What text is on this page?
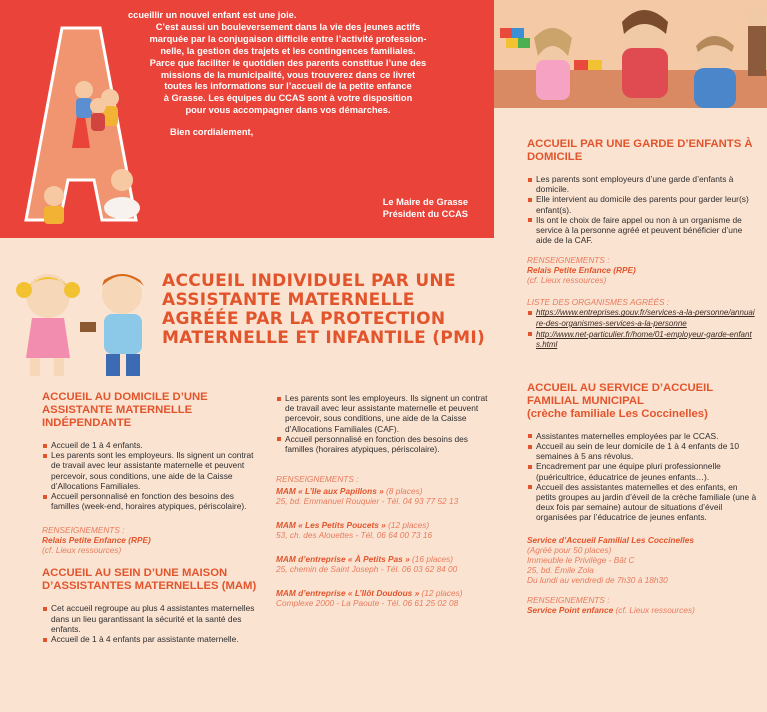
ccueillir un nouvel enfant est une joie.

C’est aussi un bouleversement dans la vie des jeunes actifs

marquée par la conjugaison difficile entre l’activité profession-

nelle, la gestion des trajets et les contingences familiales.

Parce que faciliter le quotidien des parents constitue l’une des

missions de la municipalité, vous trouverez dans ce livret

toutes les informations sur l’accueil de la petite enfance

à Grasse. Les équipes du CCAS sont à votre disposition

pour vous accompagner dans vos démarches.

Bien cordialement,

Le Maire de Grasse
Président du CCAS
ACCUEIL INDIVIDUEL PAR UNE ASSISTANTE MATERNELLE AGRÉÉE PAR LA PROTECTION MATERNELLE ET INFANTILE (PMI)
ACCUEIL AU DOMICILE D’UNE ASSISTANTE MATERNELLE INDÉPENDANTE
Accueil de 1 à 4 enfants.
Les parents sont les employeurs. Ils signent un contrat de travail avec leur assistante maternelle et peuvent percevoir, sous conditions, une aide de la Caisse d’Allocations Familiales.
Accueil personnalisé en fonction des besoins des familles (week-end, horaires atypiques, périscolaire).
RENSEIGNEMENTS :
Relais Petite Enfance (RPE)
(cf. Lieux ressources)
ACCUEIL AU SEIN D’UNE MAISON D’ASSISTANTES MATERNELLES (MAM)
Cet accueil regroupe au plus 4 assistantes maternelles dans un lieu garantissant la sécurité et la santé des enfants.
Accueil de 1 à 4 enfants par assistante maternelle.
Les parents sont les employeurs. Ils signent un contrat de travail avec leur assistante maternelle et peuvent percevoir, sous conditions, une aide de la Caisse d’Allocations Familiales (CAF).
Accueil personnalisé en fonction des besoins des familles (horaires atypiques, périscolaire).
RENSEIGNEMENTS :
MAM « L’Ile aux Papillons » (8 places)
25, bd. Emmanuel Rouquier - Tél. 04 93 77 52 13
MAM « Les Petits Poucets » (12 places)
53, ch. des Alouettes - Tél. 06 64 00 73 16
MAM d’entreprise « À Petits Pas » (16 places)
25, chemin de Saint Joseph - Tél. 06 03 62 84 00
MAM d’entreprise « L’Ilôt Doudous » (12 places)
Complexe 2000 - La Paoute - Tél. 06 61 25 02 08
ACCUEIL PAR UNE GARDE D’ENFANTS À DOMICILE
Les parents sont employeurs d’une garde d’enfants à domicile.
Elle intervient au domicile des parents pour garder leur(s) enfant(s).
Ils ont le choix de faire appel ou non à un organisme de service à la personne agréé et peuvent bénéficier d’une aide de la CAF.
RENSEIGNEMENTS :
Relais Petite Enfance (RPE)
(cf. Lieux ressources)
LISTE DES ORGANISMES AGRÉÉS :
https://www.entreprises.gouv.fr/services-a-la-personne/annuaire-des-organismes-services-a-la-personne
http://www.net-particulier.fr/home/01-employeur-garde-enfants.html
ACCUEIL AU SERVICE D’ACCUEIL FAMILIAL MUNICIPAL
(crèche familiale Les Coccinelles)
Assistantes maternelles employées par le CCAS.
Accueil au sein de leur domicile de 1 à 4 enfants de 10 semaines à 5 ans révolus.
Encadrement par une équipe pluri professionnelle (puéricultrice, éducatrice de jeunes enfants…).
Accueil des assistantes maternelles et des enfants, en petits groupes au jardin d’éveil de la crèche familiale (une à deux fois par semaine) autour de situations d’éveil organisées par l’éducatrice de jeunes enfants.
Service d’Accueil Familial Les Coccinelles
(Agréé pour 50 places)
Immeuble le Privilège - Bât C
25, bd. Émile Zola
Du lundi au vendredi de 7h30 à 18h30
RENSEIGNEMENTS :
Service Point enfance (cf. Lieux ressources)
